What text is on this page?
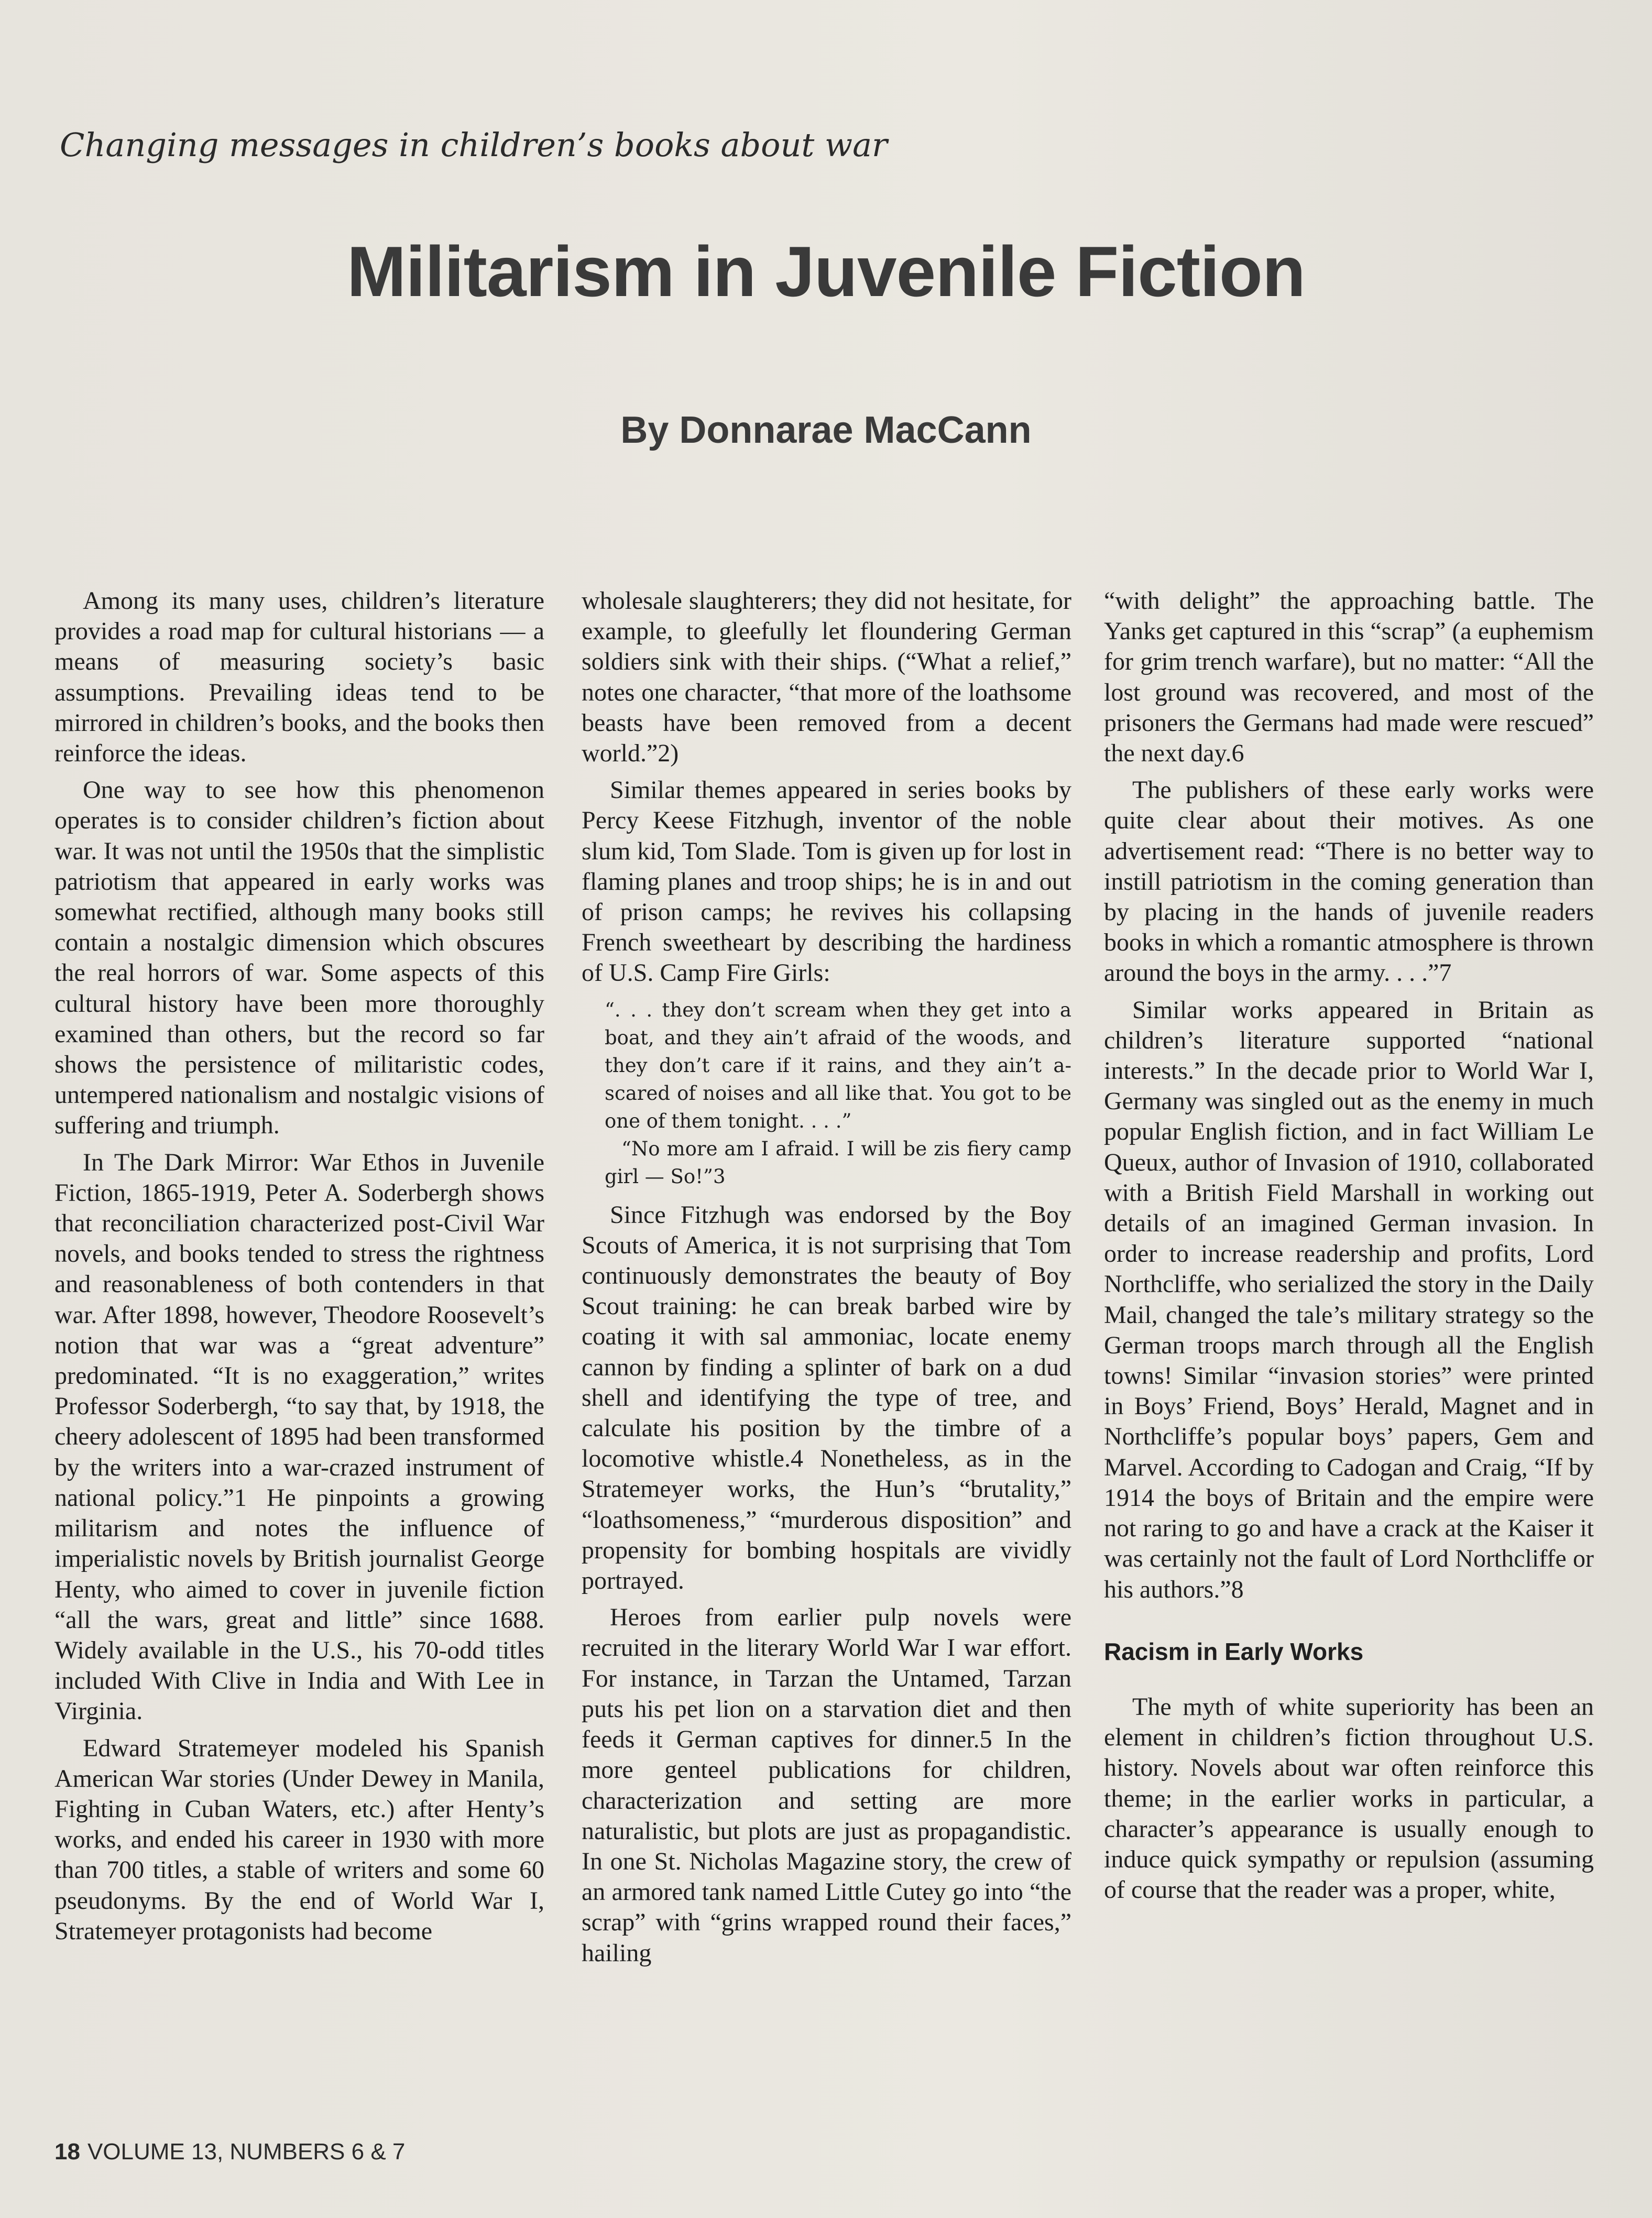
Changing messages in children’s books about war
Militarism in Juvenile Fiction
By Donnarae MacCann

Among its many uses, children’s literature provides a road map for cultural historians — a means of measuring society’s basic assumptions. Prevailing ideas tend to be mirrored in children’s books, and the books then reinforce the ideas.

One way to see how this phenomenon operates is to consider children’s fiction about war. It was not until the 1950s that the simplistic patriotism that appeared in early works was somewhat rectified, although many books still contain a nostalgic dimension which obscures the real horrors of war. Some aspects of this cultural history have been more thoroughly examined than others, but the record so far shows the persistence of militaristic codes, untempered nationalism and nostalgic visions of suffering and triumph.

In The Dark Mirror: War Ethos in Juvenile Fiction, 1865-1919, Peter A. Soderbergh shows that reconciliation characterized post-Civil War novels, and books tended to stress the rightness and reasonableness of both contenders in that war. After 1898, however, Theodore Roosevelt’s notion that war was a “great adventure” predominated. “It is no exaggeration,” writes Professor Soderbergh, “to say that, by 1918, the cheery adolescent of 1895 had been transformed by the writers into a war-crazed instrument of national policy.”1 He pinpoints a growing militarism and notes the influence of imperialistic novels by British journalist George Henty, who aimed to cover in juvenile fiction “all the wars, great and little” since 1688. Widely available in the U.S., his 70-odd titles included With Clive in India and With Lee in Virginia.

Edward Stratemeyer modeled his Spanish American War stories (Under Dewey in Manila, Fighting in Cuban Waters, etc.) after Henty’s works, and ended his career in 1930 with more than 700 titles, a stable of writers and some 60 pseudonyms. By the end of World War I, Stratemeyer protagonists had become

wholesale slaughterers; they did not hesitate, for example, to gleefully let floundering German soldiers sink with their ships. (“What a relief,” notes one character, “that more of the loathsome beasts have been removed from a decent world.”2)

Similar themes appeared in series books by Percy Keese Fitzhugh, inventor of the noble slum kid, Tom Slade. Tom is given up for lost in flaming planes and troop ships; he is in and out of prison camps; he revives his collapsing French sweetheart by describing the hardiness of U.S. Camp Fire Girls:

“. . . they don’t scream when they get into a boat, and they ain’t afraid of the woods, and they don’t care if it rains, and they ain’t a-scared of noises and all like that. You got to be one of them tonight. . . .”

“No more am I afraid. I will be zis fiery camp girl — So!”3

Since Fitzhugh was endorsed by the Boy Scouts of America, it is not surprising that Tom continuously demonstrates the beauty of Boy Scout training: he can break barbed wire by coating it with sal ammoniac, locate enemy cannon by finding a splinter of bark on a dud shell and identifying the type of tree, and calculate his position by the timbre of a locomotive whistle.4 Nonetheless, as in the Stratemeyer works, the Hun’s “brutality,” “loathsomeness,” “murderous disposition” and propensity for bombing hospitals are vividly portrayed.

Heroes from earlier pulp novels were recruited in the literary World War I war effort. For instance, in Tarzan the Untamed, Tarzan puts his pet lion on a starvation diet and then feeds it German captives for dinner.5 In the more genteel publications for children, characterization and setting are more naturalistic, but plots are just as propagandistic. In one St. Nicholas Magazine story, the crew of an armored tank named Little Cutey go into “the scrap” with “grins wrapped round their faces,” hailing

“with delight” the approaching battle. The Yanks get captured in this “scrap” (a euphemism for grim trench warfare), but no matter: “All the lost ground was recovered, and most of the prisoners the Germans had made were rescued” the next day.6

The publishers of these early works were quite clear about their motives. As one advertisement read: “There is no better way to instill patriotism in the coming generation than by placing in the hands of juvenile readers books in which a romantic atmosphere is thrown around the boys in the army. . . .”7

Similar works appeared in Britain as children’s literature supported “national interests.” In the decade prior to World War I, Germany was singled out as the enemy in much popular English fiction, and in fact William Le Queux, author of Invasion of 1910, collaborated with a British Field Marshall in working out details of an imagined German invasion. In order to increase readership and profits, Lord Northcliffe, who serialized the story in the Daily Mail, changed the tale’s military strategy so the German troops march through all the English towns! Similar “invasion stories” were printed in Boys’ Friend, Boys’ Herald, Magnet and in Northcliffe’s popular boys’ papers, Gem and Marvel. According to Cadogan and Craig, “If by 1914 the boys of Britain and the empire were not raring to go and have a crack at the Kaiser it was certainly not the fault of Lord Northcliffe or his authors.”8

Racism in Early Works

The myth of white superiority has been an element in children’s fiction throughout U.S. history. Novels about war often reinforce this theme; in the earlier works in particular, a character’s appearance is usually enough to induce quick sympathy or repulsion (assuming of course that the reader was a proper, white,

18 VOLUME 13, NUMBERS 6 & 7
